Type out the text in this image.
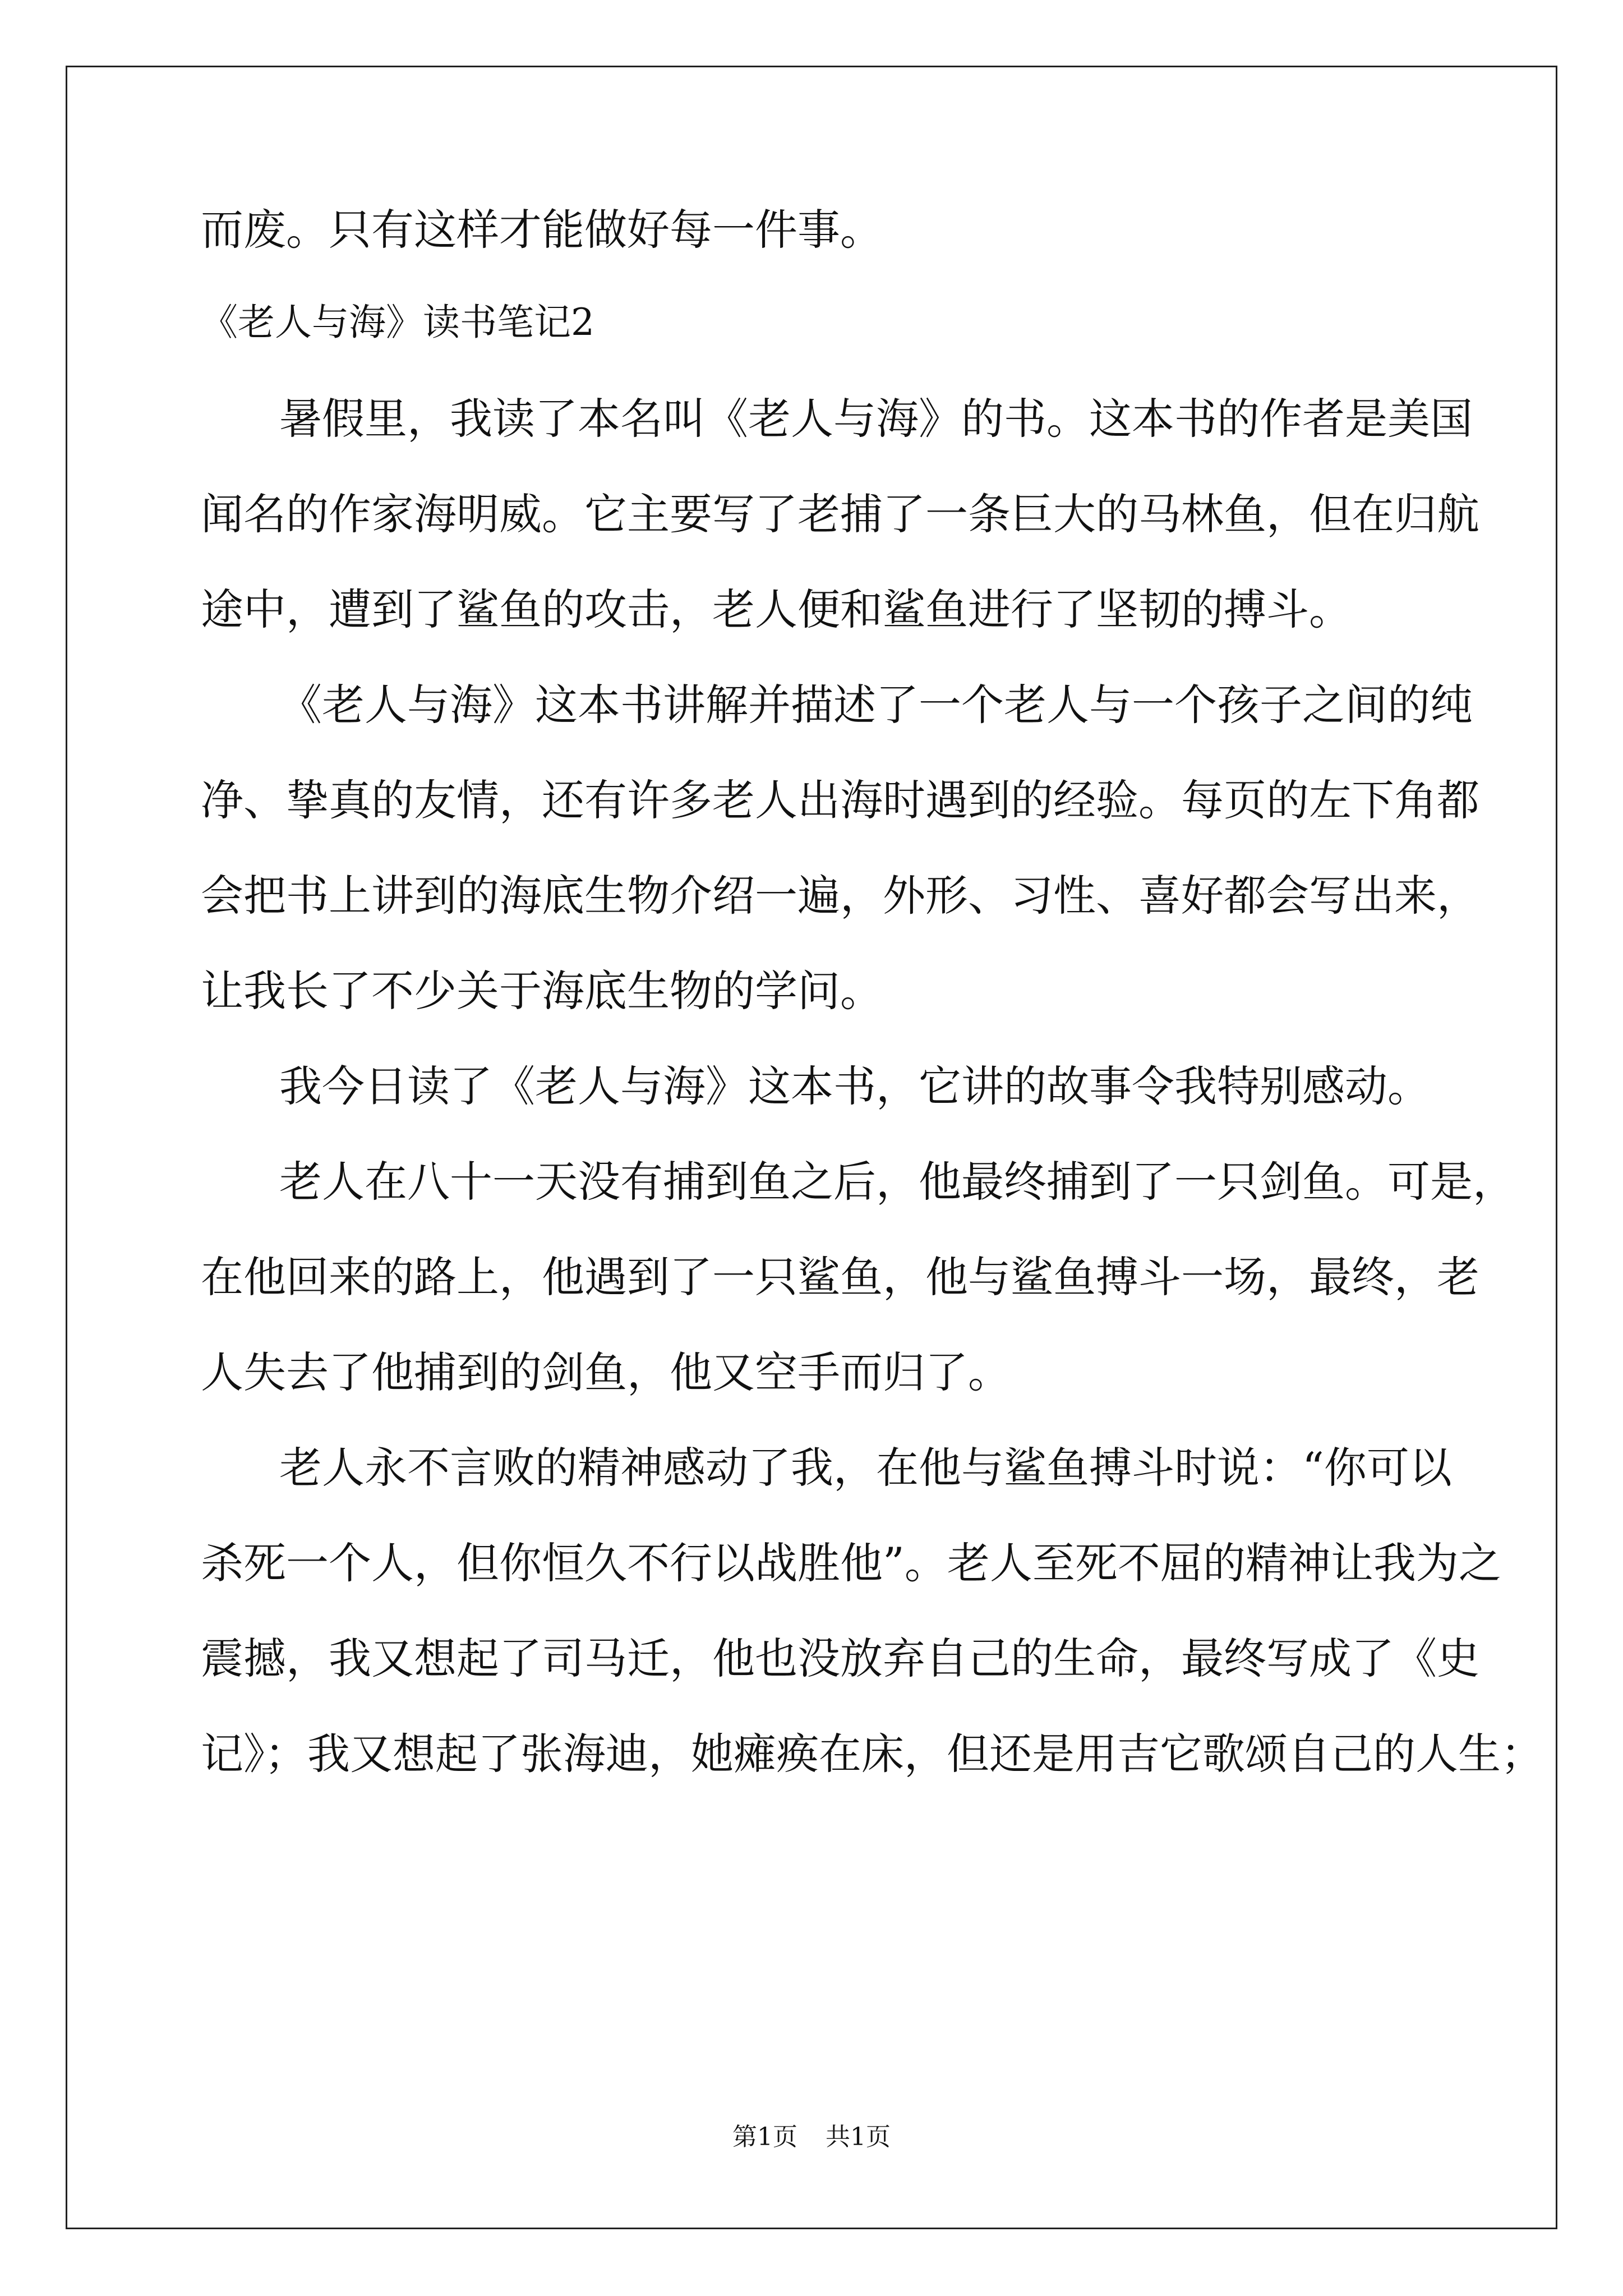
而废。只有这样才能做好每一件事。
《老人与海》读书笔记2
暑假里，我读了本名叫《老人与海》的书。这本书的作者是美国
闻名的作家海明威。它主要写了老捕了一条巨大的马林鱼，但在归航
途中，遭到了鲨鱼的攻击，老人便和鲨鱼进行了坚韧的搏斗。
《老人与海》这本书讲解并描述了一个老人与一个孩子之间的纯
净、挚真的友情，还有许多老人出海时遇到的经验。每页的左下角都
会把书上讲到的海底生物介绍一遍，外形、习性、喜好都会写出来，
让我长了不少关于海底生物的学问。
我今日读了《老人与海》这本书，它讲的故事令我特别感动。
老人在八十一天没有捕到鱼之后，他最终捕到了一只剑鱼。可是，
在他回来的路上，他遇到了一只鲨鱼，他与鲨鱼搏斗一场，最终，老
人失去了他捕到的剑鱼，他又空手而归了。
老人永不言败的精神感动了我，在他与鲨鱼搏斗时说：“你可以
杀死一个人，但你恒久不行以战胜他”。老人至死不屈的精神让我为之
震撼，我又想起了司马迁，他也没放弃自己的生命，最终写成了《史
记》；我又想起了张海迪，她瘫痪在床，但还是用吉它歌颂自己的人生；
第1页 共1页
